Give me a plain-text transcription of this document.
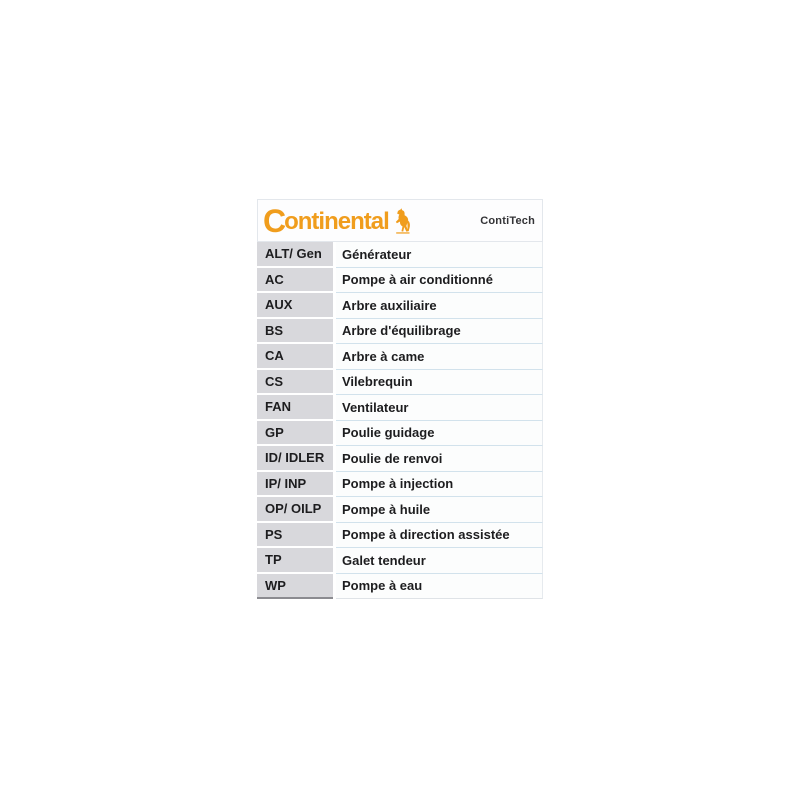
C ontinental	ContiTech
ALT/ Gen	Générateur
AC	Pompe à air conditionné
AUX	Arbre auxiliaire
BS	Arbre d'équilibrage
CA	Arbre à came
CS	Vilebrequin
FAN	Ventilateur
GP	Poulie guidage
ID/ IDLER	Poulie de renvoi
IP/ INP	Pompe à injection
OP/ OILP	Pompe à huile
PS	Pompe à direction assistée
TP	Galet tendeur
WP	Pompe à eau
